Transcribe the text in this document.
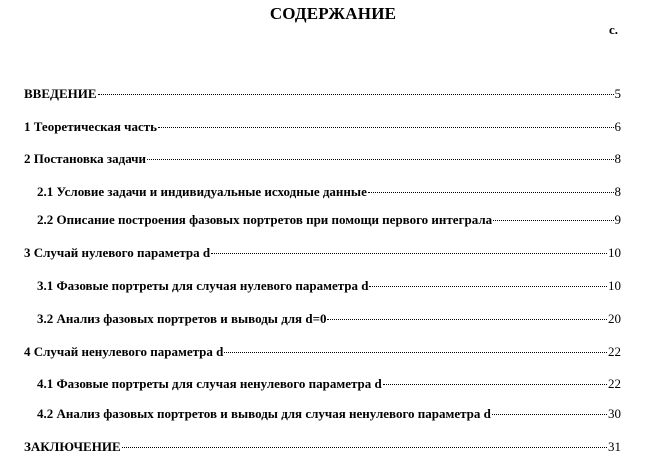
СОДЕРЖАНИЕ
с.
ВВЕДЕНИЕ	5
1 Теоретическая часть	6
2 Постановка задачи	8
2.1 Условие задачи и индивидуальные исходные данные	8
2.2 Описание построения фазовых портретов при помощи первого интеграла	9
3 Случай нулевого параметра d	10
3.1 Фазовые портреты для случая нулевого параметра d	10
3.2 Анализ фазовых портретов и выводы для d=0	20
4 Случай ненулевого параметра d	22
4.1 Фазовые портреты для случая ненулевого параметра d	22
4.2 Анализ фазовых портретов и выводы для случая ненулевого параметра d	30
ЗАКЛЮЧЕНИЕ	31
